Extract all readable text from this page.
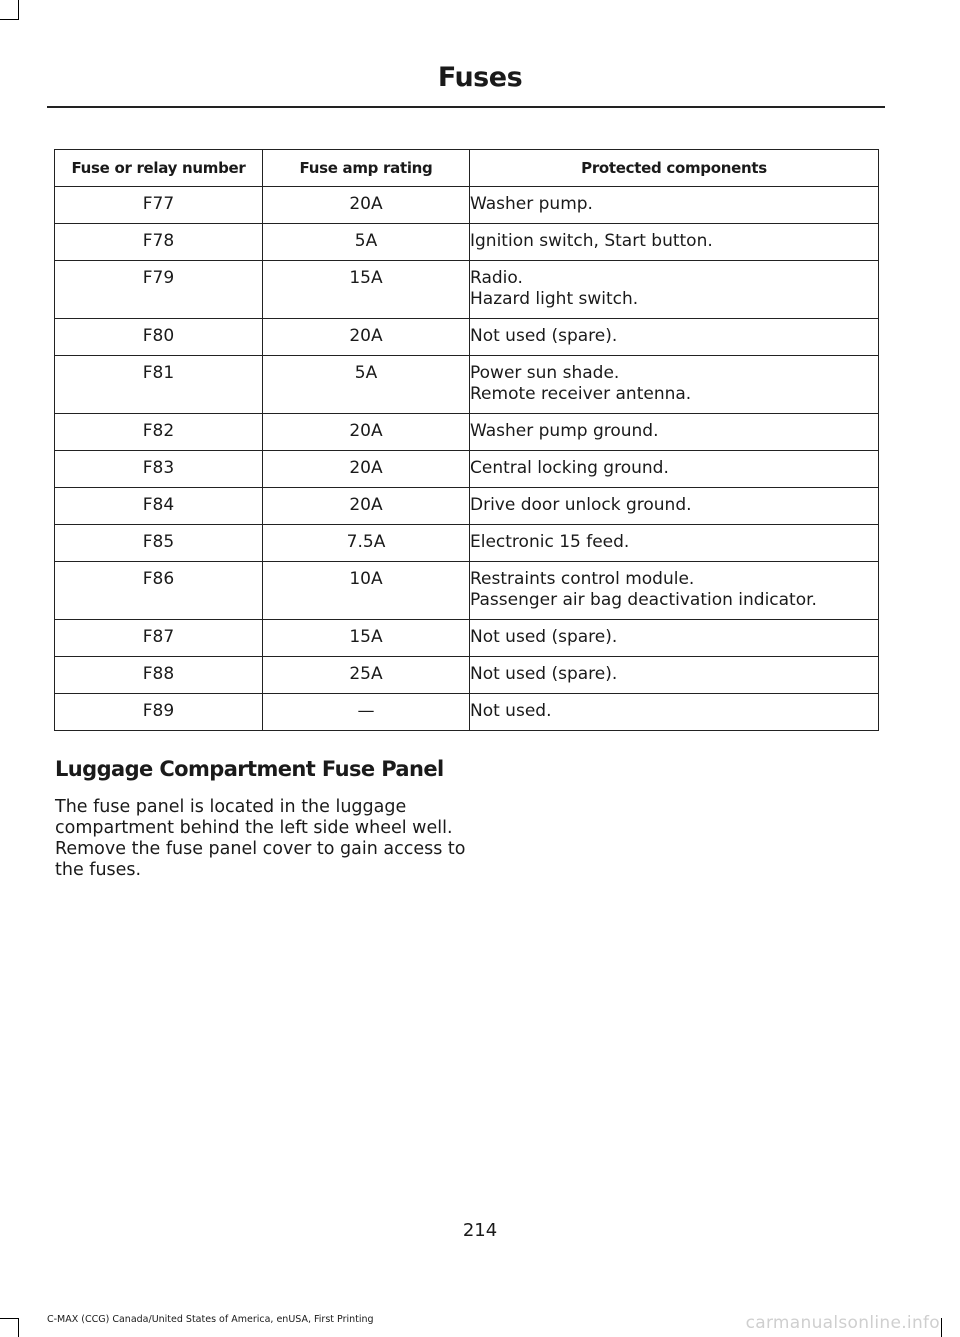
Fuses
Fuse or relay number	Fuse amp rating	Protected components
F77	20A	Washer pump.

F78	5A	Ignition switch, Start button.

F79	15A	Radio.
Hazard light switch.

F80	20A	Not used (spare).

F81	5A	Power sun shade.
Remote receiver antenna.

F82	20A	Washer pump ground.

F83	20A	Central locking ground.

F84	20A	Drive door unlock ground.

F85	7.5A	Electronic 15 feed.

F86	10A	Restraints control module.
Passenger air bag deactivation indicator.

F87	15A	Not used (spare).

F88	25A	Not used (spare).

F89	—	Not used.
Luggage Compartment Fuse Panel
The fuse panel is located in the luggage compartment behind the left side wheel well. Remove the fuse panel cover to gain access to the fuses.
214
C-MAX (CCG) Canada/United States of America, enUSA, First Printing	carmanualsonline.info
